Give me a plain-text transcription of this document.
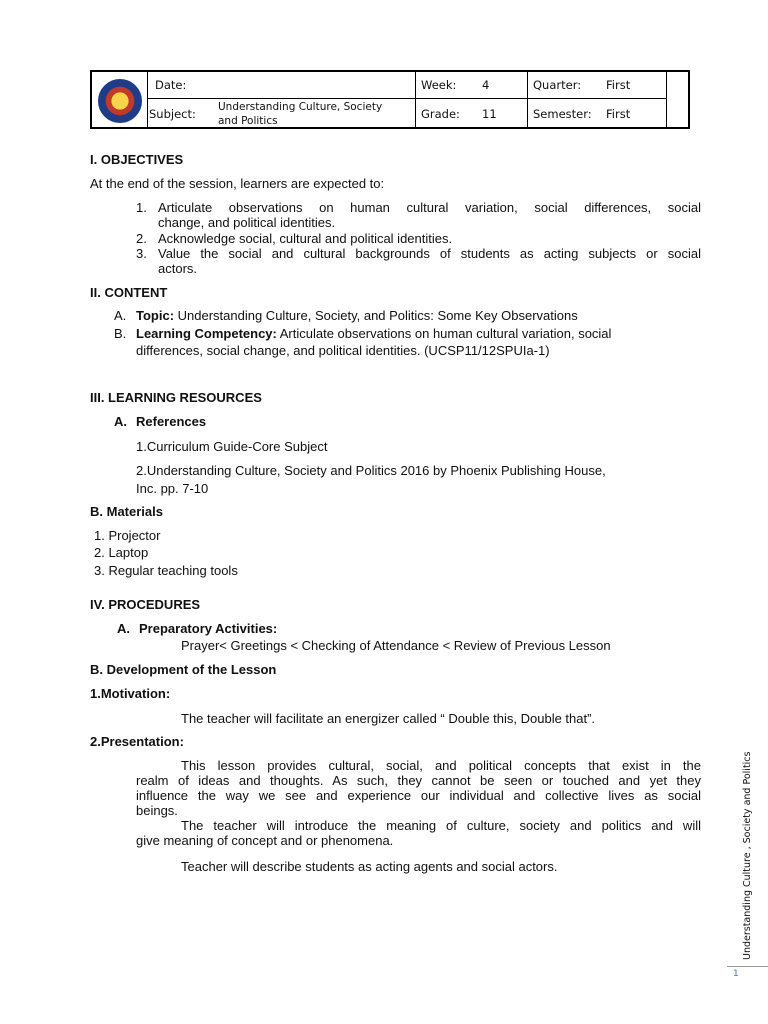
Date:	Week: 4	Quarter: First
Subject: Understanding Culture, Society
and Politics	Grade: 11	Semester: First
I. OBJECTIVES
At the end of the session, learners are expected to:
1. Articulate observations on human cultural variation, social differences, social
change, and political identities.
2. Acknowledge social, cultural and political identities.
3. Value the social and cultural backgrounds of students as acting subjects or social
actors.
II. CONTENT
A. Topic: Understanding Culture, Society, and Politics: Some Key Observations
B. Learning Competency: Articulate observations on human cultural variation, social
differences, social change, and political identities. (UCSP11/12SPUIa-1)
III. LEARNING RESOURCES
A. References
1.Curriculum Guide-Core Subject
2.Understanding Culture, Society and Politics 2016 by Phoenix Publishing House,
Inc. pp. 7-10
B. Materials
1. Projector
2. Laptop
3. Regular teaching tools
IV. PROCEDURES
A. Preparatory Activities:
Prayer< Greetings < Checking of Attendance < Review of Previous Lesson
B. Development of the Lesson
1.Motivation:
The teacher will facilitate an energizer called “ Double this, Double that”.
2.Presentation:
This lesson provides cultural, social, and political concepts that exist in the
realm of ideas and thoughts. As such, they cannot be seen or touched and yet they
influence the way we see and experience our individual and collective lives as social
beings.
The teacher will introduce the meaning of culture, society and politics and will
give meaning of concept and or phenomena.
Teacher will describe students as acting agents and social actors.	Understanding Culture , Society and Politics
1
